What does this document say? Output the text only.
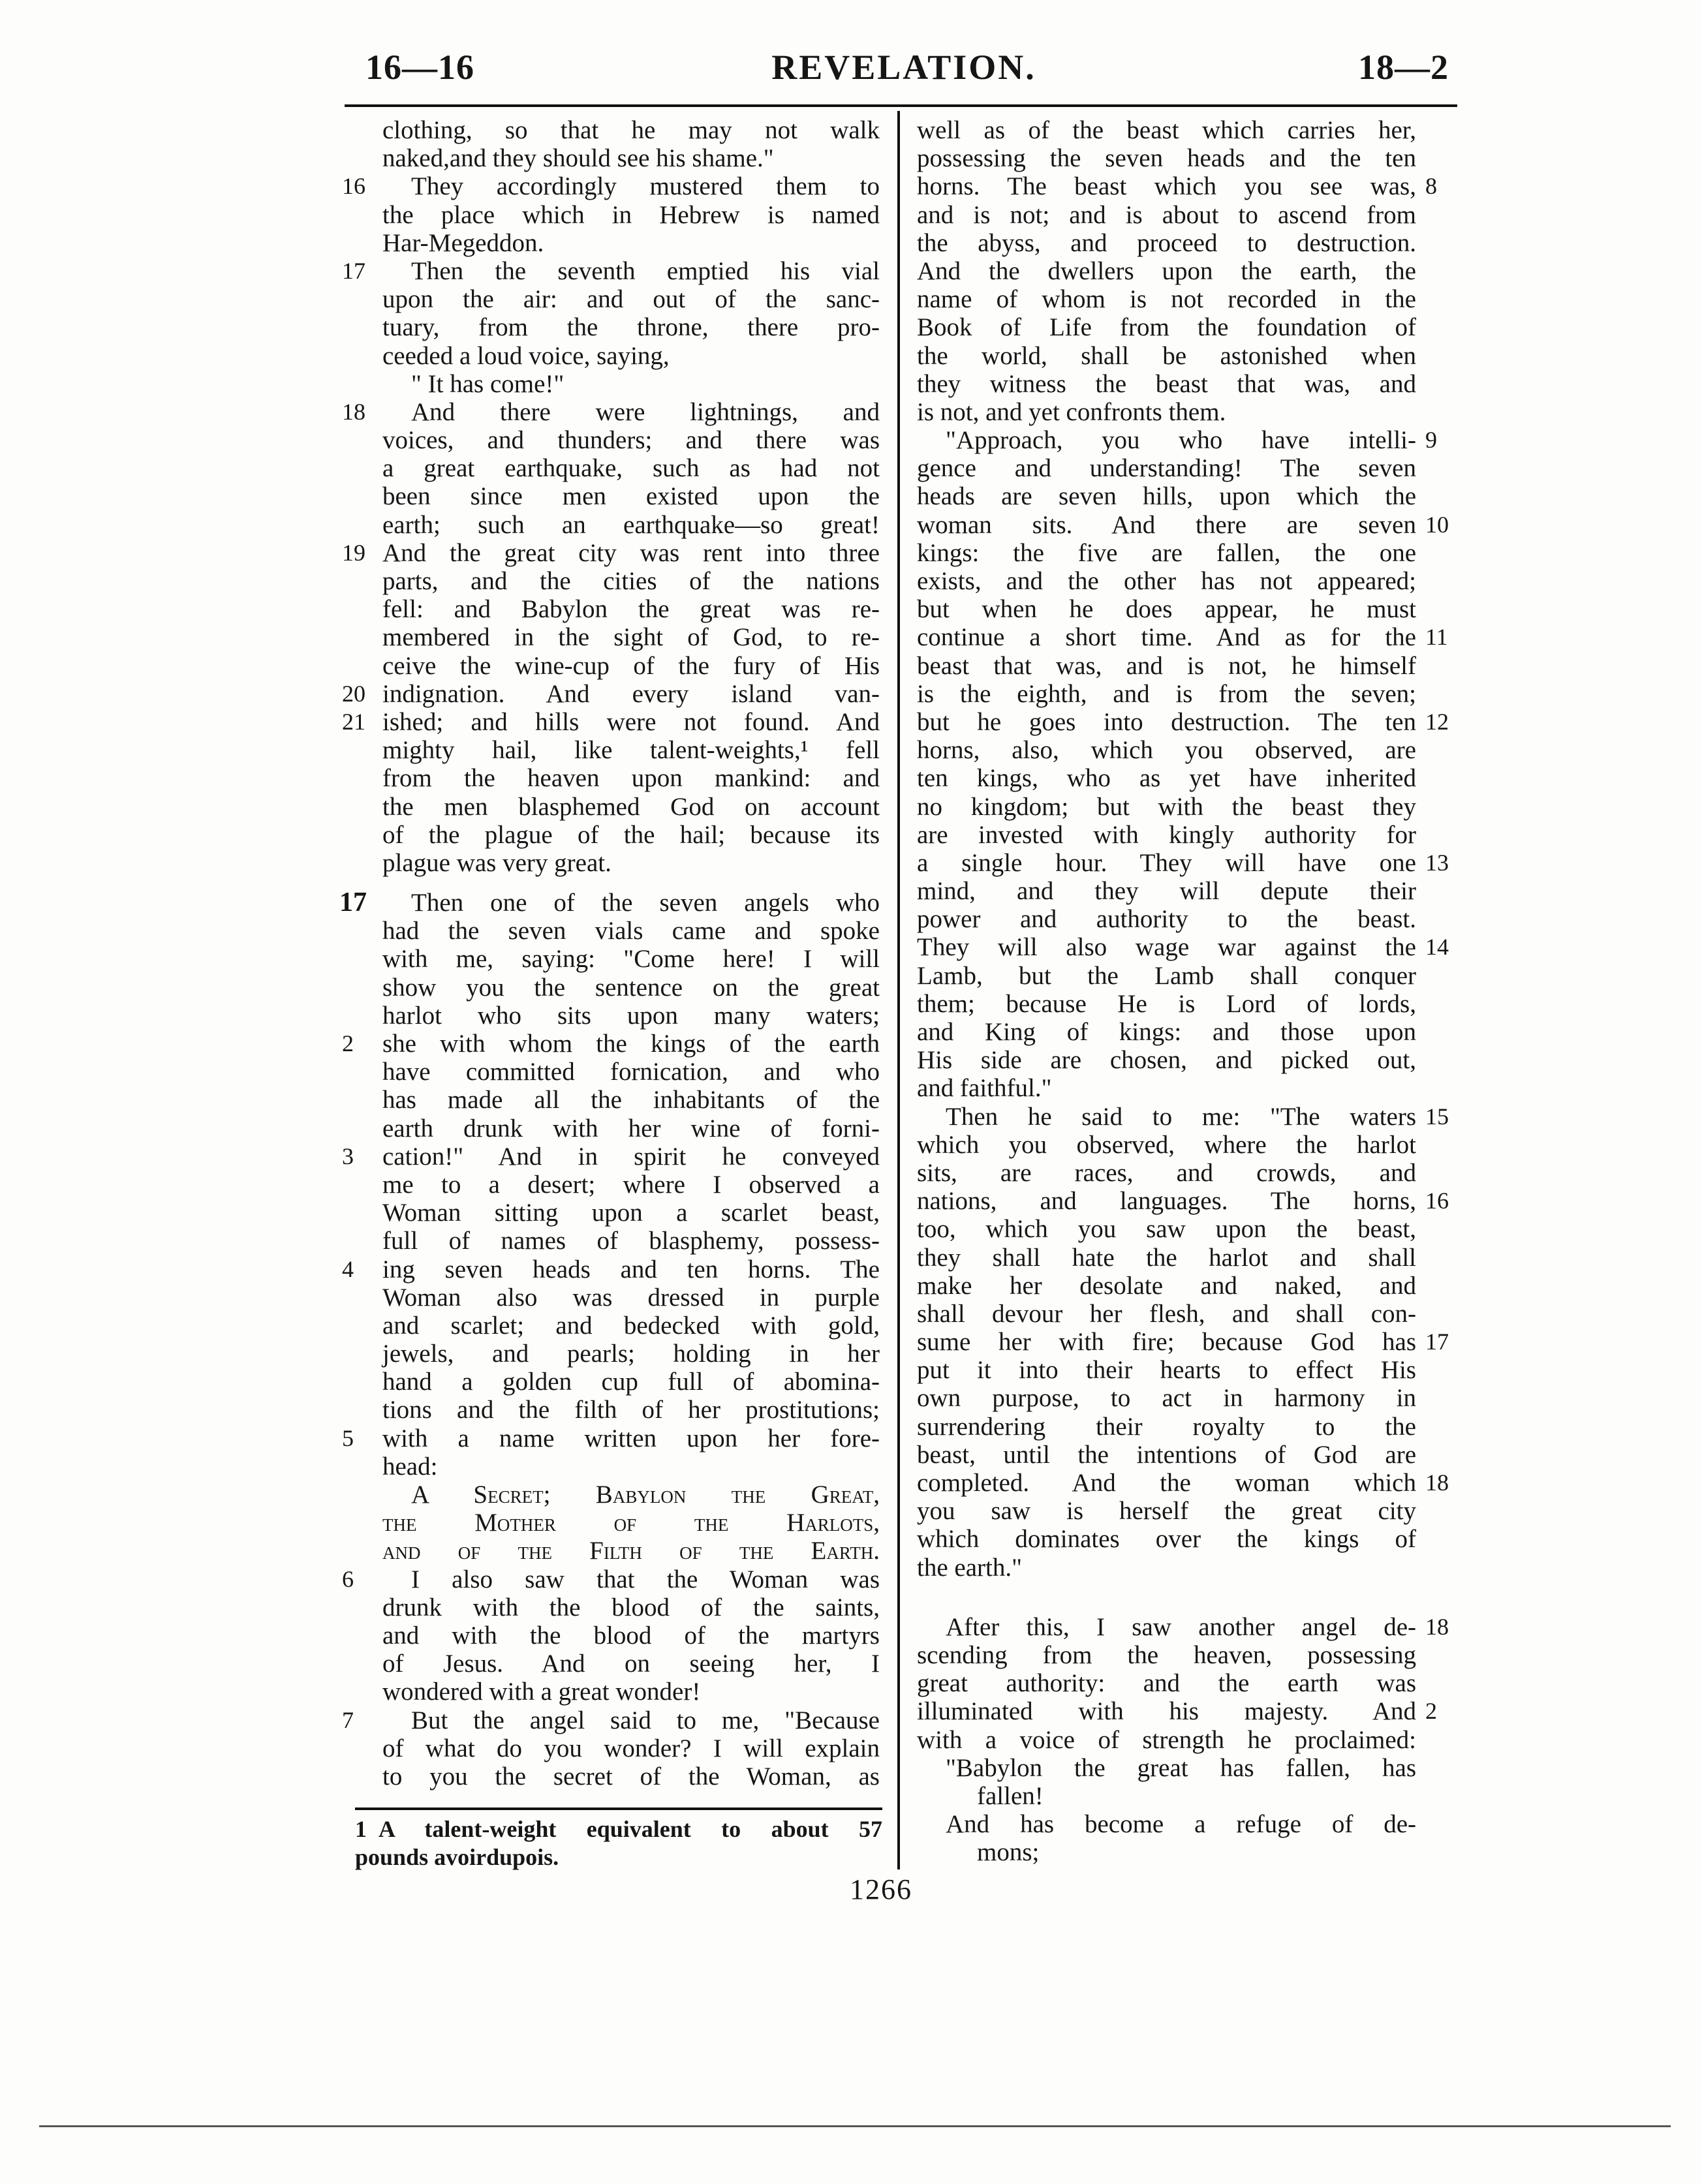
16—16	REVELATION.	18—2
clothing, so that he may not walk
naked,and they should see his shame."
16	They accordingly mustered them to
the place which in Hebrew is named
Har-Megeddon.
17	Then the seventh emptied his vial
upon the air: and out of the sanc-
tuary, from the throne, there pro-
ceeded a loud voice, saying,
" It has come!"
18	And there were lightnings, and
voices, and thunders; and there was
a great earthquake, such as had not
been since men existed upon the
earth; such an earthquake—so great!
19 And the great city was rent into three
parts, and the cities of the nations
fell: and Babylon the great was re-
membered in the sight of God, to re-
ceive the wine-cup of the fury of His
20 indignation. And every island van-
21 ished; and hills were not found. And
mighty hail, like talent-weights,¹ fell
from the heaven upon mankind: and
the men blasphemed God on account
of the plague of the hail; because its
plague was very great.
17 Then one of the seven angels who
had the seven vials came and spoke
with me, saying: "Come here! I will
show you the sentence on the great
harlot who sits upon many waters;
2	she with whom the kings of the earth
have committed fornication, and who
has made all the inhabitants of the
earth drunk with her wine of forni-
3	cation!" And in spirit he conveyed
me to a desert; where I observed a
Woman sitting upon a scarlet beast,
full of names of blasphemy, possess-
4	ing seven heads and ten horns. The
Woman also was dressed in purple
and scarlet; and bedecked with gold,
jewels, and pearls; holding in her
hand a golden cup full of abomina-
tions and the filth of her prostitutions;
5	with a name written upon her fore-
head:
A Secret; Babylon the Great,
the Mother of the Harlots,
and of the Filth of the Earth.
6	I also saw that the Woman was
drunk with the blood of the saints,
and with the blood of the martyrs
of Jesus. And on seeing her, I
wondered with a great wonder!
7	But the angel said to me, "Because
of what do you wonder? I will explain
to you the secret of the Woman, as
well as of the beast which carries her,
possessing the seven heads and the ten
8
horns. The beast which you see was,
and is not; and is about to ascend from
the abyss, and proceed to destruction.
And the dwellers upon the earth, the
name of whom is not recorded in the
Book of Life from the foundation of
the world, shall be astonished when
they witness the beast that was, and
is not, and yet confronts them.
9
"Approach, you who have intelli-
gence and understanding! The seven
heads are seven hills, upon which the
10
woman sits. And there are seven
kings: the five are fallen, the one
exists, and the other has not appeared;
but when he does appear, he must
11
continue a short time. And as for the
beast that was, and is not, he himself
is the eighth, and is from the seven;
12
but he goes into destruction. The ten
horns, also, which you observed, are
ten kings, who as yet have inherited
no kingdom; but with the beast they
are invested with kingly authority for
13
a single hour. They will have one
mind, and they will depute their
power and authority to the beast.
14
They will also wage war against the
Lamb, but the Lamb shall conquer
them; because He is Lord of lords,
and King of kings: and those upon
His side are chosen, and picked out,
and faithful."
15
Then he said to me: "The waters
which you observed, where the harlot
sits, are races, and crowds, and
16
nations, and languages. The horns,
too, which you saw upon the beast,
they shall hate the harlot and shall
make her desolate and naked, and
shall devour her flesh, and shall con-
17
sume her with fire; because God has
put it into their hearts to effect His
own purpose, to act in harmony in
surrendering their royalty to the
beast, until the intentions of God are
18
completed. And the woman which
you saw is herself the great city
which dominates over the kings of
the earth."
18
After this, I saw another angel de-
scending from the heaven, possessing
great authority: and the earth was
2
illuminated with his majesty. And
with a voice of strength he proclaimed:
"Babylon the great has fallen, has
fallen!
And has become a refuge of de-
mons;
1 A talent-weight equivalent to about 57
pounds avoirdupois.
1266
